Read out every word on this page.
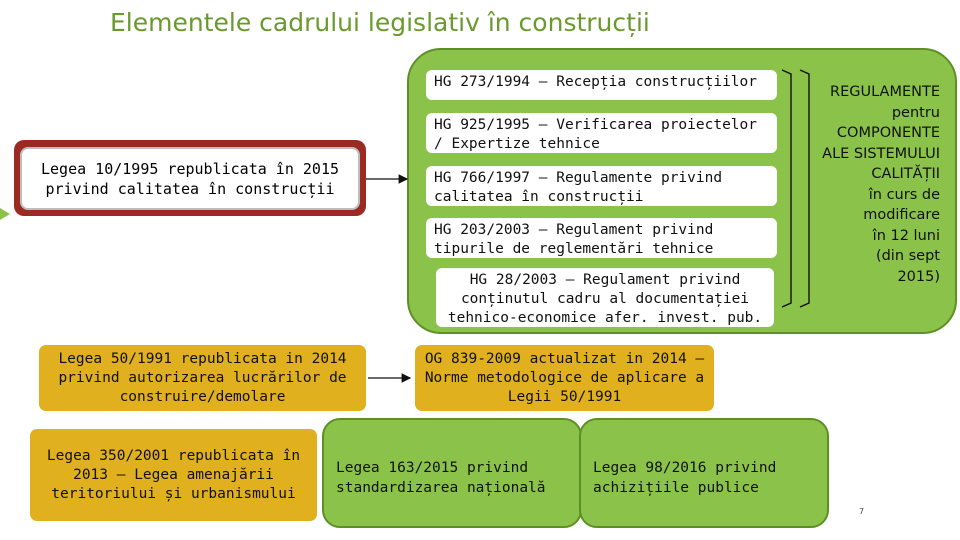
Elementele cadrului legislativ în construcții
HG 273/1994 – Recepția construcțiilor
HG 925/1995 – Verificarea proiectelor / Expertize tehnice
HG 766/1997 – Regulamente privind calitatea în construcții
HG 203/2003 – Regulament privind tipurile de reglementări tehnice
HG 28/2003 – Regulament privind conținutul cadru al documentației tehnico-economice afer. invest. pub.
REGULAMENTE
pentru
COMPONENTE
ALE SISTEMULUI
CALITĂȚII
în curs de
modificare
în 12 luni
(din sept
2015)
Legea 10/1995 republicata în 2015 privind calitatea în construcții
Legea 50/1991 republicata in 2014 privind autorizarea lucrărilor de construire/demolare
OG 839-2009 actualizat in 2014 – Norme metodologice de aplicare a Legii 50/1991
Legea 350/2001 republicata în 2013 – Legea amenajării teritoriului și urbanismului
Legea 163/2015 privind standardizarea națională
Legea 98/2016 privind achizițiile publice
7
